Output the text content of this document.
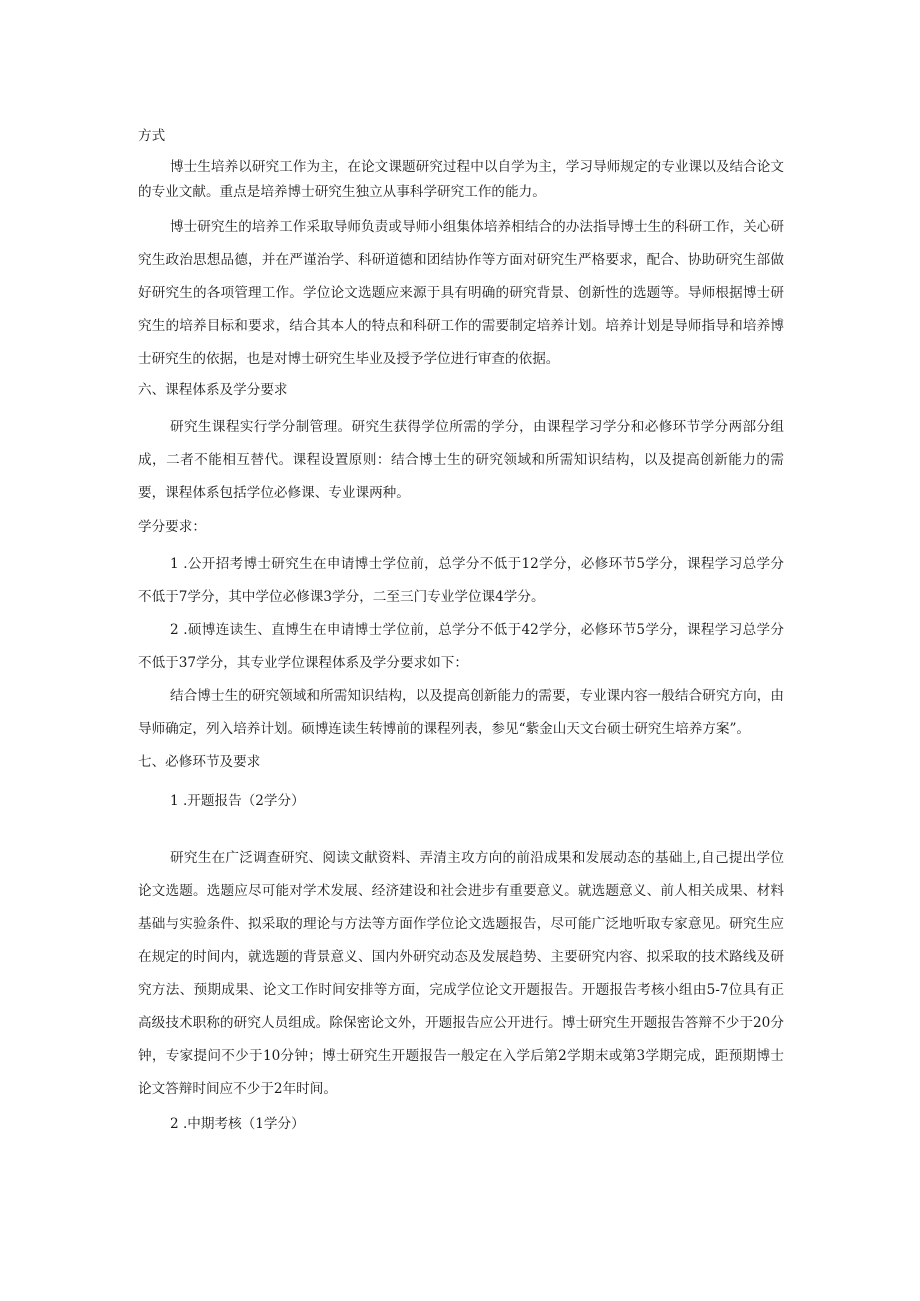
方式

博士生培养以研究工作为主，在论文课题研究过程中以自学为主，学习导师规定的专业课以及结合论文的专业文献。重点是培养博士研究生独立从事科学研究工作的能力。

博士研究生的培养工作采取导师负责或导师小组集体培养相结合的办法指导博士生的科研工作，关心研究生政治思想品德，并在严谨治学、科研道德和团结协作等方面对研究生严格要求，配合、协助研究生部做好研究生的各项管理工作。学位论文选题应来源于具有明确的研究背景、创新性的选题等。导师根据博士研究生的培养目标和要求，结合其本人的特点和科研工作的需要制定培养计划。培养计划是导师指导和培养博士研究生的依据，也是对博士研究生毕业及授予学位进行审查的依据。

六、课程体系及学分要求

研究生课程实行学分制管理。研究生获得学位所需的学分，由课程学习学分和必修环节学分两部分组成，二者不能相互替代。课程设置原则：结合博士生的研究领域和所需知识结构，以及提高创新能力的需要，课程体系包括学位必修课、专业课两种。

学分要求：

1 .公开招考博士研究生在申请博士学位前，总学分不低于12学分，必修环节5学分，课程学习总学分不低于7学分，其中学位必修课3学分，二至三门专业学位课4学分。

2 .硕博连读生、直博生在申请博士学位前，总学分不低于42学分，必修环节5学分，课程学习总学分不低于37学分，其专业学位课程体系及学分要求如下：

结合博士生的研究领域和所需知识结构，以及提高创新能力的需要，专业课内容一般结合研究方向，由导师确定，列入培养计划。硕博连读生转博前的课程列表，参见“紫金山天文台硕士研究生培养方案”。

七、必修环节及要求

1 .开题报告（2学分）

研究生在广泛调查研究、阅读文献资料、弄清主攻方向的前沿成果和发展动态的基础上,自己提出学位论文选题。选题应尽可能对学术发展、经济建设和社会进步有重要意义。就选题意义、前人相关成果、材料基础与实验条件、拟采取的理论与方法等方面作学位论文选题报告，尽可能广泛地听取专家意见。研究生应在规定的时间内，就选题的背景意义、国内外研究动态及发展趋势、主要研究内容、拟采取的技术路线及研究方法、预期成果、论文工作时间安排等方面，完成学位论文开题报告。开题报告考核小组由5-7位具有正高级技术职称的研究人员组成。除保密论文外，开题报告应公开进行。博士研究生开题报告答辩不少于20分钟，专家提问不少于10分钟；博士研究生开题报告一般定在入学后第2学期末或第3学期完成，距预期博士论文答辩时间应不少于2年时间。

2 .中期考核（1学分）
